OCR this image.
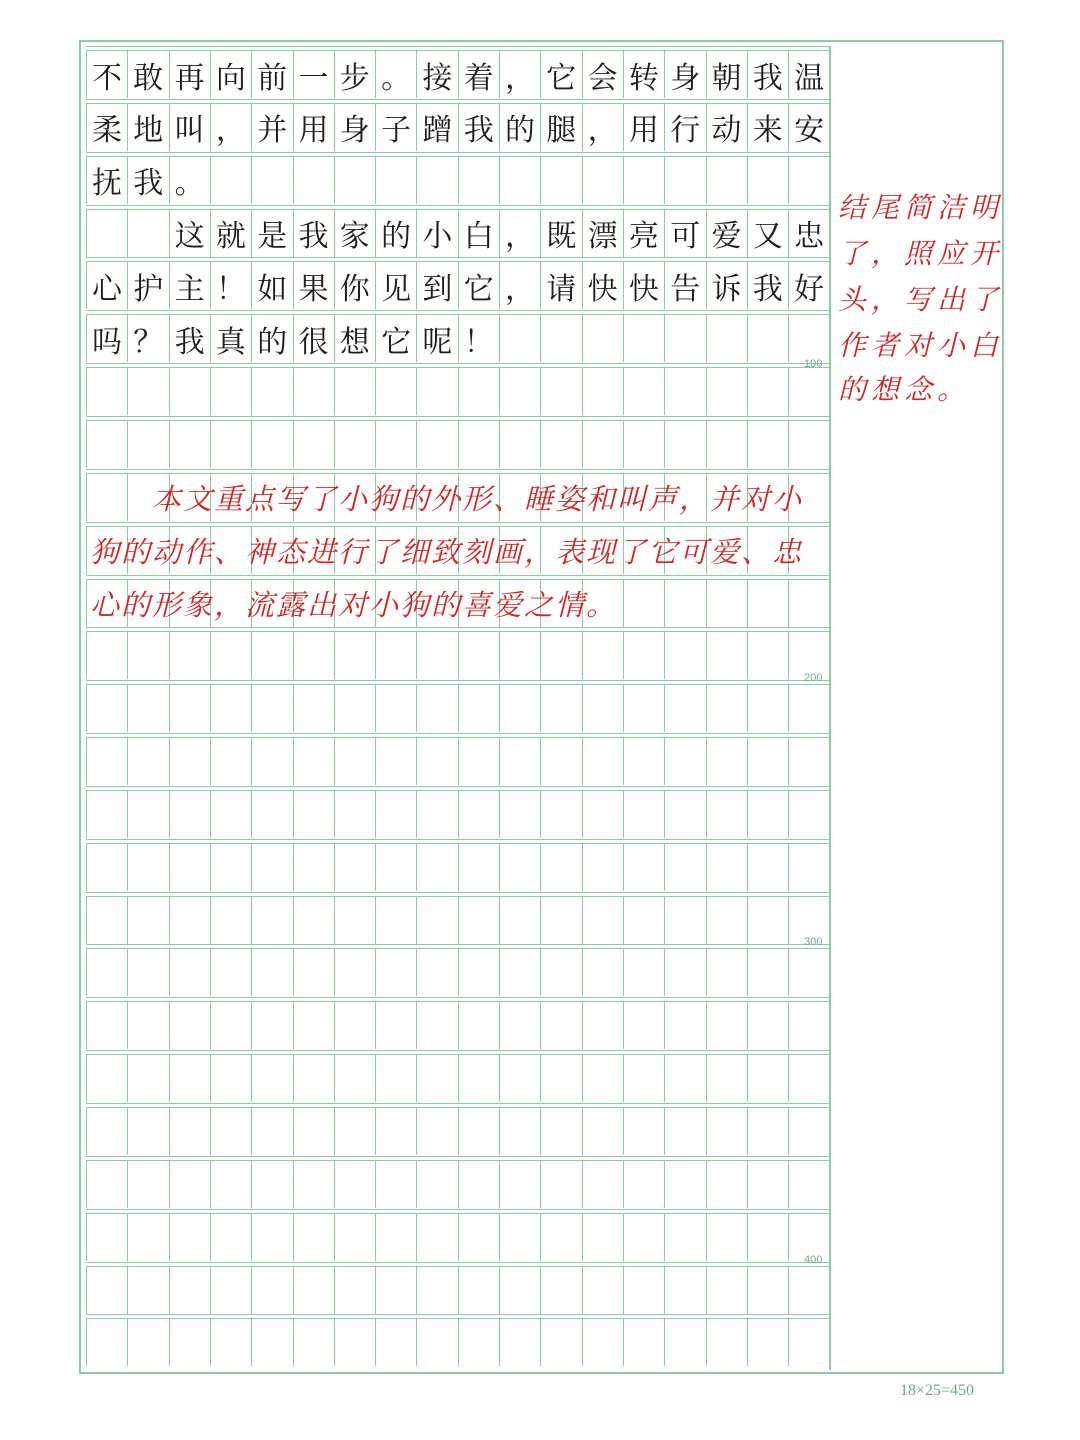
不 敢 再 向 前 一 步 。 接 着 ， 它 会 转 身 朝 我 温
柔 地 叫 ， 并 用 身 子 蹭 我 的 腿 ， 用 行 动 来 安
抚 我 。
这 就 是 我 家 的 小 白 ， 既 漂 亮 可 爱 又 忠
心 护 主 ！ 如 果 你 见 到 它 ， 请 快 快 告 诉 我 好
吗 ？ 我 真 的 很 想 它 呢 ！
　　本文重点写了小狗的外形、睡姿和叫声，并对小
狗的动作、神态进行了细致刻画，表现了它可爱、忠
心的形象，流露出对小狗的喜爱之情。
结尾简洁明
了，照应开
头，写出了
作者对小白
的想念。
100
200
300
400
18×25=450
